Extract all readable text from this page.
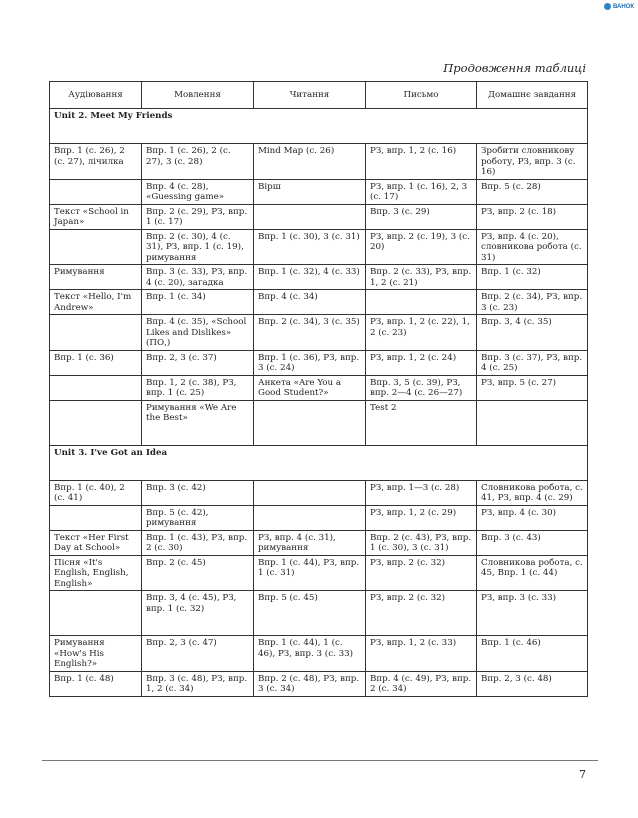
ВАНОК
Продовження таблиці
Аудіювання	Мовлення	Читання	Письмо	Домашнє завдання
Unit 2. Meet My Friends				
Впр. 1 (с. 26), 2 (с. 27), лічилка	Впр. 1 (с. 26), 2 (с. 27), 3 (с. 28)	Mind Map (с. 26)	РЗ, впр. 1, 2 (с. 16)	Зробити словникову роботу, РЗ, впр. 3 (с. 16)
	Впр. 4 (с. 28), «Guessing game»	Вірш	РЗ, впр. 1 (с. 16), 2, 3 (с. 17)	Впр. 5 (с. 28)
Текст «School in Japan»	Впр. 2 (с. 29), РЗ, впр. 1 (с. 17)		Впр. 3 (с. 29)	РЗ, впр. 2 (с. 18)
	Впр. 2 (с. 30), 4 (с. 31), РЗ, впр. 1 (с. 19), римування	Впр. 1 (с. 30), 3 (с. 31)	РЗ, впр. 2 (с. 19), 3 (с. 20)	РЗ, впр. 4 (с. 20), словникова робота (с. 31)
Римування	Впр. 3 (с. 33), РЗ, впр. 4 (с. 20), загадка	Впр. 1 (с. 32), 4 (с. 33)	Впр. 2 (с. 33), РЗ, впр. 1, 2 (с. 21)	Впр. 1 (с. 32)
Текст «Hello, I'm Andrew»	Впр. 1 (с. 34)	Впр. 4 (с. 34)		Впр. 2 (с. 34), РЗ, впр. 3 (с. 23)
	Впр. 4 (с. 35), «School Likes and Dislikes» (ПО,)	Впр. 2 (с. 34), 3 (с. 35)	РЗ, впр. 1, 2 (с. 22), 1, 2 (с. 23)	Впр. 3, 4 (с. 35)
Впр. 1 (с. 36)	Впр. 2, 3 (с. 37)	Впр. 1 (с. 36), РЗ, впр. 3 (с. 24)	РЗ, впр. 1, 2 (с. 24)	Впр. 3 (с. 37), РЗ, впр. 4 (с. 25)
	Впр. 1, 2 (с. 38), РЗ, впр. 1 (с. 25)	Анкета «Are You a Good Student?»	Впр. 3, 5 (с. 39), РЗ, впр. 2—4 (с. 26—27)	РЗ, впр. 5 (с. 27)
	Римування «We Are the Best»		Test 2	
Unit 3. I've Got an Idea				
Впр. 1 (с. 40), 2 (с. 41)	Впр. 3 (с. 42)		РЗ, впр. 1—3 (с. 28)	Словникова робота, с. 41, РЗ, впр. 4 (с. 29)
	Впр. 5 (с. 42), римування		РЗ, впр. 1, 2 (с. 29)	РЗ, впр. 4 (с. 30)
Текст «Her First Day at School»	Впр. 1 (с. 43), РЗ, впр. 2 (с. 30)	РЗ, впр. 4 (с. 31), римування	Впр. 2 (с. 43), РЗ, впр. 1 (с. 30), 3 (с. 31)	Впр. 3 (с. 43)
Пісня «It's English, English, English»	Впр. 2 (с. 45)	Впр. 1 (с. 44), РЗ, впр. 1 (с. 31)	РЗ, впр. 2 (с. 32)	Словникова робота, с. 45, Впр. 1 (с. 44)
	Впр. 3, 4 (с. 45), РЗ, впр. 1 (с. 32)	Впр. 5 (с. 45)	РЗ, впр. 2 (с. 32)	РЗ, впр. 3 (с. 33)
Римування «How's His English?»	Впр. 2, 3 (с. 47)	Впр. 1 (с. 44), 1 (с. 46), РЗ, впр. 3 (с. 33)	РЗ, впр. 1, 2 (с. 33)	Впр. 1 (с. 46)
Впр. 1 (с. 48)	Впр. 3 (с. 48), РЗ, впр. 1, 2 (с. 34)	Впр. 2 (с. 48), РЗ, впр. 3 (с. 34)	Впр. 4 (с. 49), РЗ, впр. 2 (с. 34)	Впр. 2, 3 (с. 48)
7
